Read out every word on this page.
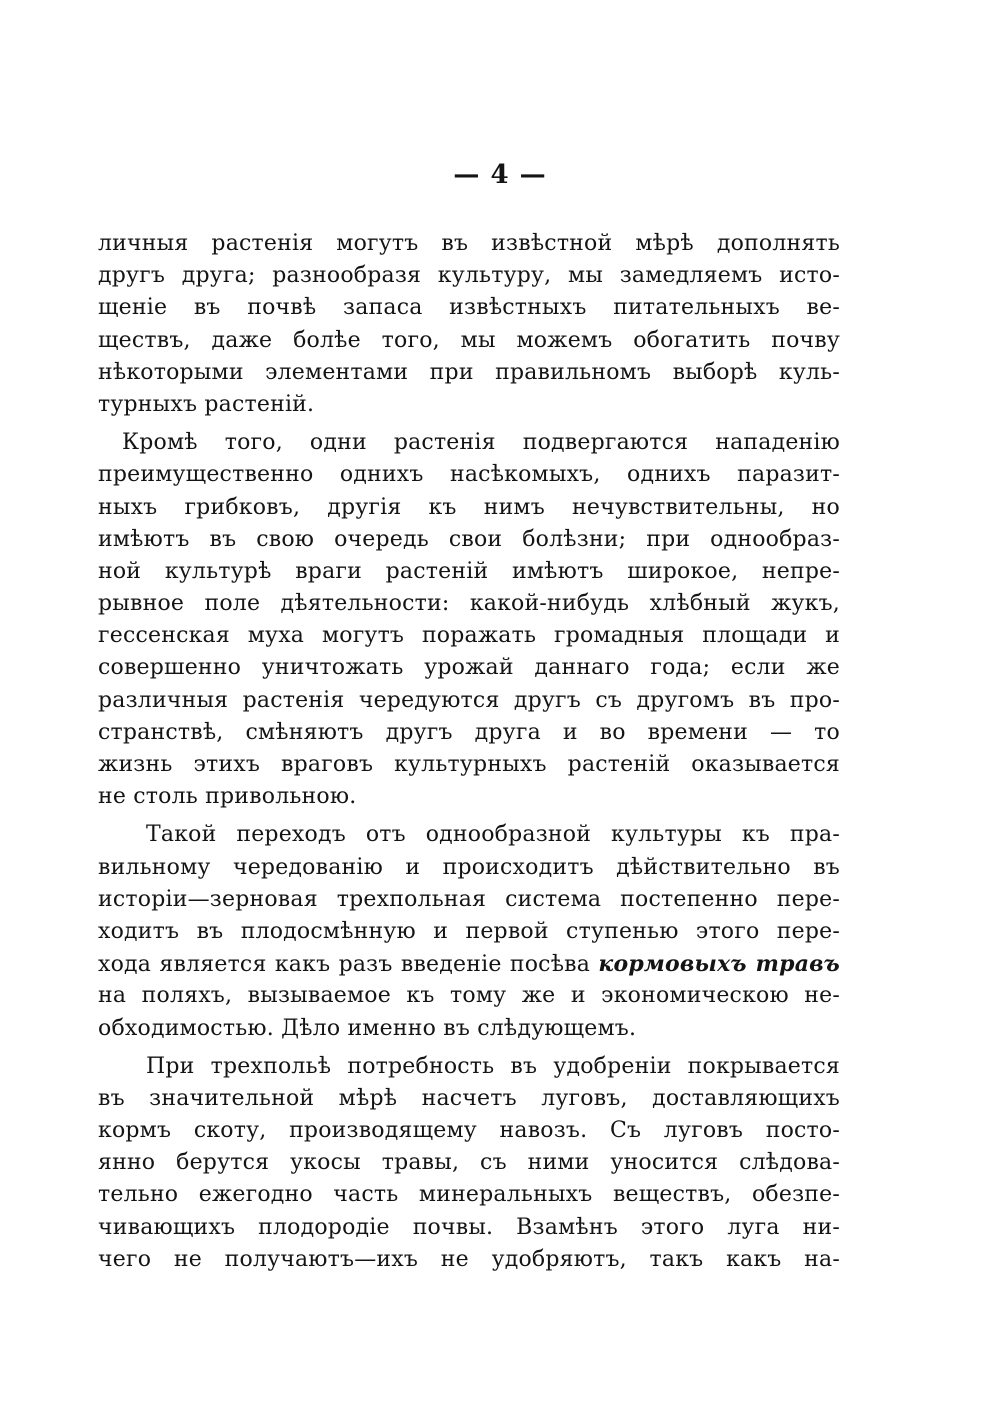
— 4 —
личныя растенія могутъ въ извѣстной мѣрѣ дополнять
другъ друга; разнообразя культуру, мы замедляемъ исто-
щеніе въ почвѣ запаса извѣстныхъ питательныхъ ве-
ществъ, даже болѣе того, мы можемъ обогатить почву
нѣкоторыми элементами при правильномъ выборѣ куль-
турныхъ растеній.
Кромѣ того, одни растенія подвергаются нападенію
преимущественно однихъ насѣкомыхъ, однихъ паразит-
ныхъ грибковъ, другія къ нимъ нечувствительны, но
имѣютъ въ свою очередь свои болѣзни; при однообраз-
ной культурѣ враги растеній имѣютъ широкое, непре-
рывное поле дѣятельности: какой-нибудь хлѣбный жукъ,
гессенская муха могутъ поражать громадныя площади и
совершенно уничтожать урожай даннаго года; если же
различныя растенія чередуются другъ съ другомъ въ про-
странствѣ, смѣняютъ другъ друга и во времени — то
жизнь этихъ враговъ культурныхъ растеній оказывается
не столь привольною.
Такой переходъ отъ однообразной культуры къ пра-
вильному чередованію и происходитъ дѣйствительно въ
исторіи—зерновая трехпольная система постепенно пере-
ходитъ въ плодосмѣнную и первой ступенью этого пере-
хода является какъ разъ введеніе посѣва кормовыхъ травъ
на поляхъ, вызываемое къ тому же и экономическою не-
обходимостью. Дѣло именно въ слѣдующемъ.
При трехпольѣ потребность въ удобреніи покрывается
въ значительной мѣрѣ насчетъ луговъ, доставляющихъ
кормъ скоту, производящему навозъ. Съ луговъ посто-
янно берутся укосы травы, съ ними уносится слѣдова-
тельно ежегодно часть минеральныхъ веществъ, обезпе-
чивающихъ плодородіе почвы. Взамѣнъ этого луга ни-
чего не получаютъ—ихъ не удобряютъ, такъ какъ на-
